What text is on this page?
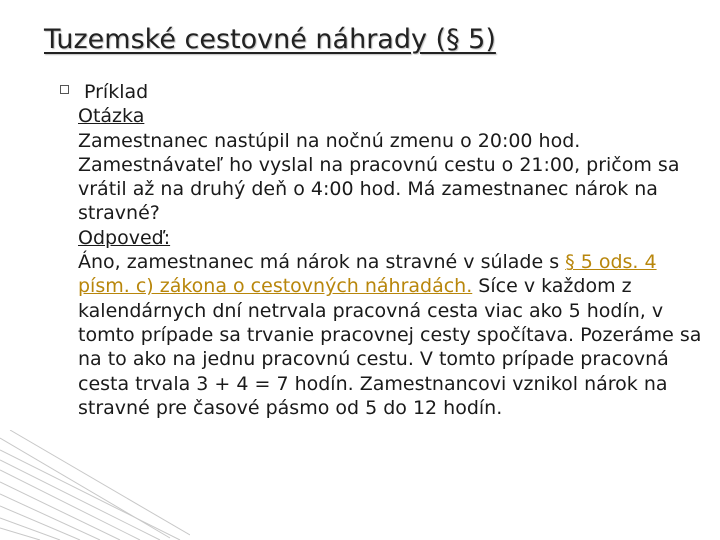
Tuzemské cestovné náhrady (§ 5)

Príklad

Otázka

Zamestnanec nastúpil na nočnú zmenu o 20:00 hod. Zamestnávateľ ho vyslal na pracovnú cestu o 21:00, pričom sa vrátil až na druhý deň o 4:00 hod. Má zamestnanec nárok na stravné?

Odpoveď:

Áno, zamestnanec má nárok na stravné v súlade s § 5 ods. 4 písm. c) zákona o cestovných náhradách. Síce v každom z kalendárnych dní netrvala pracovná cesta viac ako 5 hodín, v tomto prípade sa trvanie pracovnej cesty spočítava. Pozeráme sa na to ako na jednu pracovnú cestu. V tomto prípade pracovná cesta trvala 3 + 4 = 7 hodín. Zamestnancovi vznikol nárok na stravné pre časové pásmo od 5 do 12 hodín.
